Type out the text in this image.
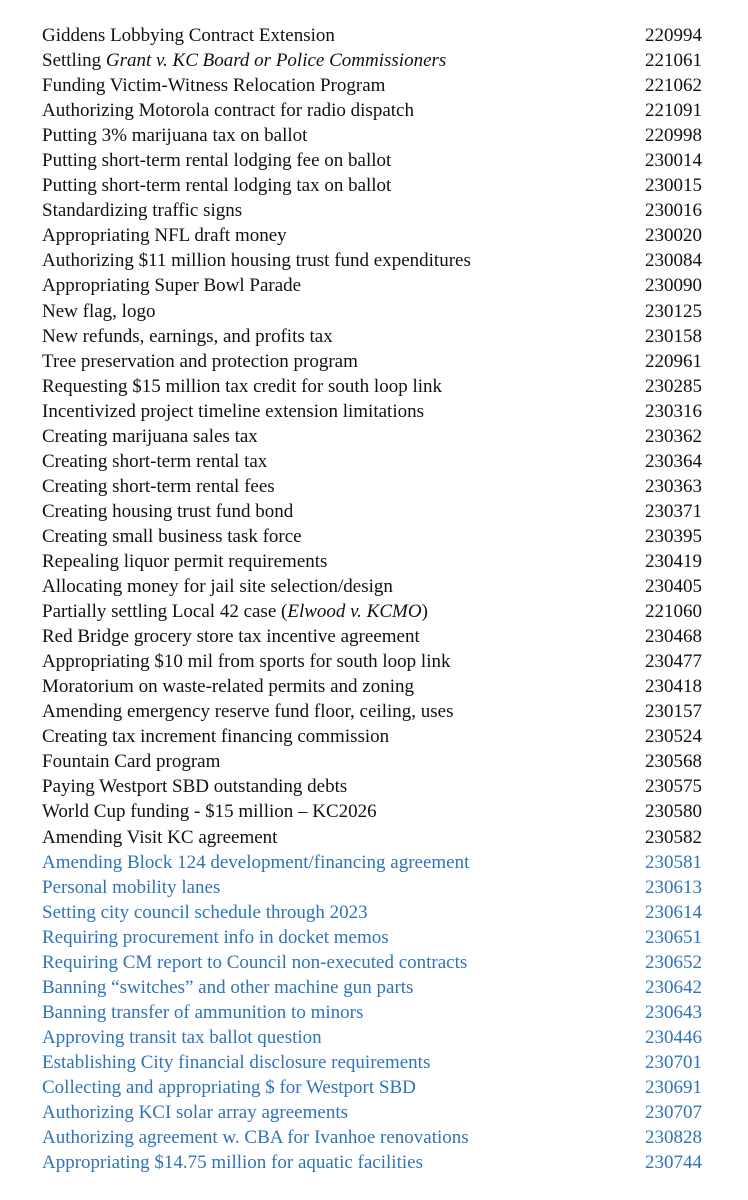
Giddens Lobbying Contract Extension	220994
Settling Grant v. KC Board or Police Commissioners	221061
Funding Victim-Witness Relocation Program	221062
Authorizing Motorola contract for radio dispatch	221091
Putting 3% marijuana tax on ballot	220998
Putting short-term rental lodging fee on ballot	230014
Putting short-term rental lodging tax on ballot	230015
Standardizing traffic signs	230016
Appropriating NFL draft money	230020
Authorizing $11 million housing trust fund expenditures	230084
Appropriating Super Bowl Parade	230090
New flag, logo	230125
New refunds, earnings, and profits tax	230158
Tree preservation and protection program	220961
Requesting $15 million tax credit for south loop link	230285
Incentivized project timeline extension limitations	230316
Creating marijuana sales tax	230362
Creating short-term rental tax	230364
Creating short-term rental fees	230363
Creating housing trust fund bond	230371
Creating small business task force	230395
Repealing liquor permit requirements	230419
Allocating money for jail site selection/design	230405
Partially settling Local 42 case (Elwood v. KCMO)	221060
Red Bridge grocery store tax incentive agreement	230468
Appropriating $10 mil from sports for south loop link	230477
Moratorium on waste-related permits and zoning	230418
Amending emergency reserve fund floor, ceiling, uses	230157
Creating tax increment financing commission	230524
Fountain Card program	230568
Paying Westport SBD outstanding debts	230575
World Cup funding - $15 million – KC2026	230580
Amending Visit KC agreement	230582
Amending Block 124 development/financing agreement	230581
Personal mobility lanes	230613
Setting city council schedule through 2023	230614
Requiring procurement info in docket memos	230651
Requiring CM report to Council non-executed contracts	230652
Banning “switches” and other machine gun parts	230642
Banning transfer of ammunition to minors	230643
Approving transit tax ballot question	230446
Establishing City financial disclosure requirements	230701
Collecting and appropriating $ for Westport SBD	230691
Authorizing KCI solar array agreements	230707
Authorizing agreement w. CBA for Ivanhoe renovations	230828
Appropriating $14.75 million for aquatic facilities	230744
